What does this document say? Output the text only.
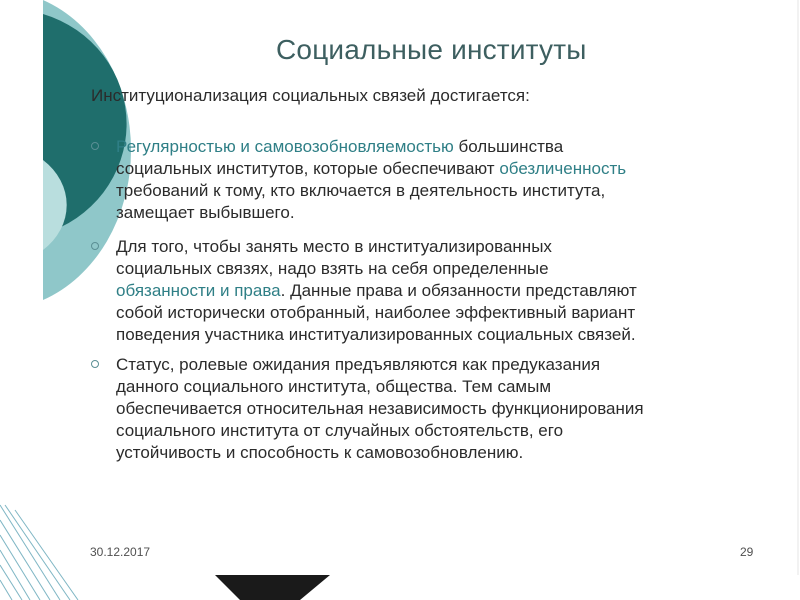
Социальные институты
Институционализация социальных связей достигается:
Регулярностью и самовозобновляемостью большинства
социальных институтов, которые обеспечивают обезличенность
требований к тому, кто включается в деятельность института,
замещает выбывшего.
Для того, чтобы занять место в институализированных
социальных связях, надо взять на себя определенные
обязанности и права. Данные права и обязанности представляют
собой исторически отобранный, наиболее эффективный вариант
поведения участника институализированных социальных связей.
Статус, ролевые ожидания предъявляются как предуказания
данного социального института, общества. Тем самым
обеспечивается относительная независимость функционирования
социального института от случайных обстоятельств, его
устойчивость и способность к самовозобновлению.
30.12.2017	29
